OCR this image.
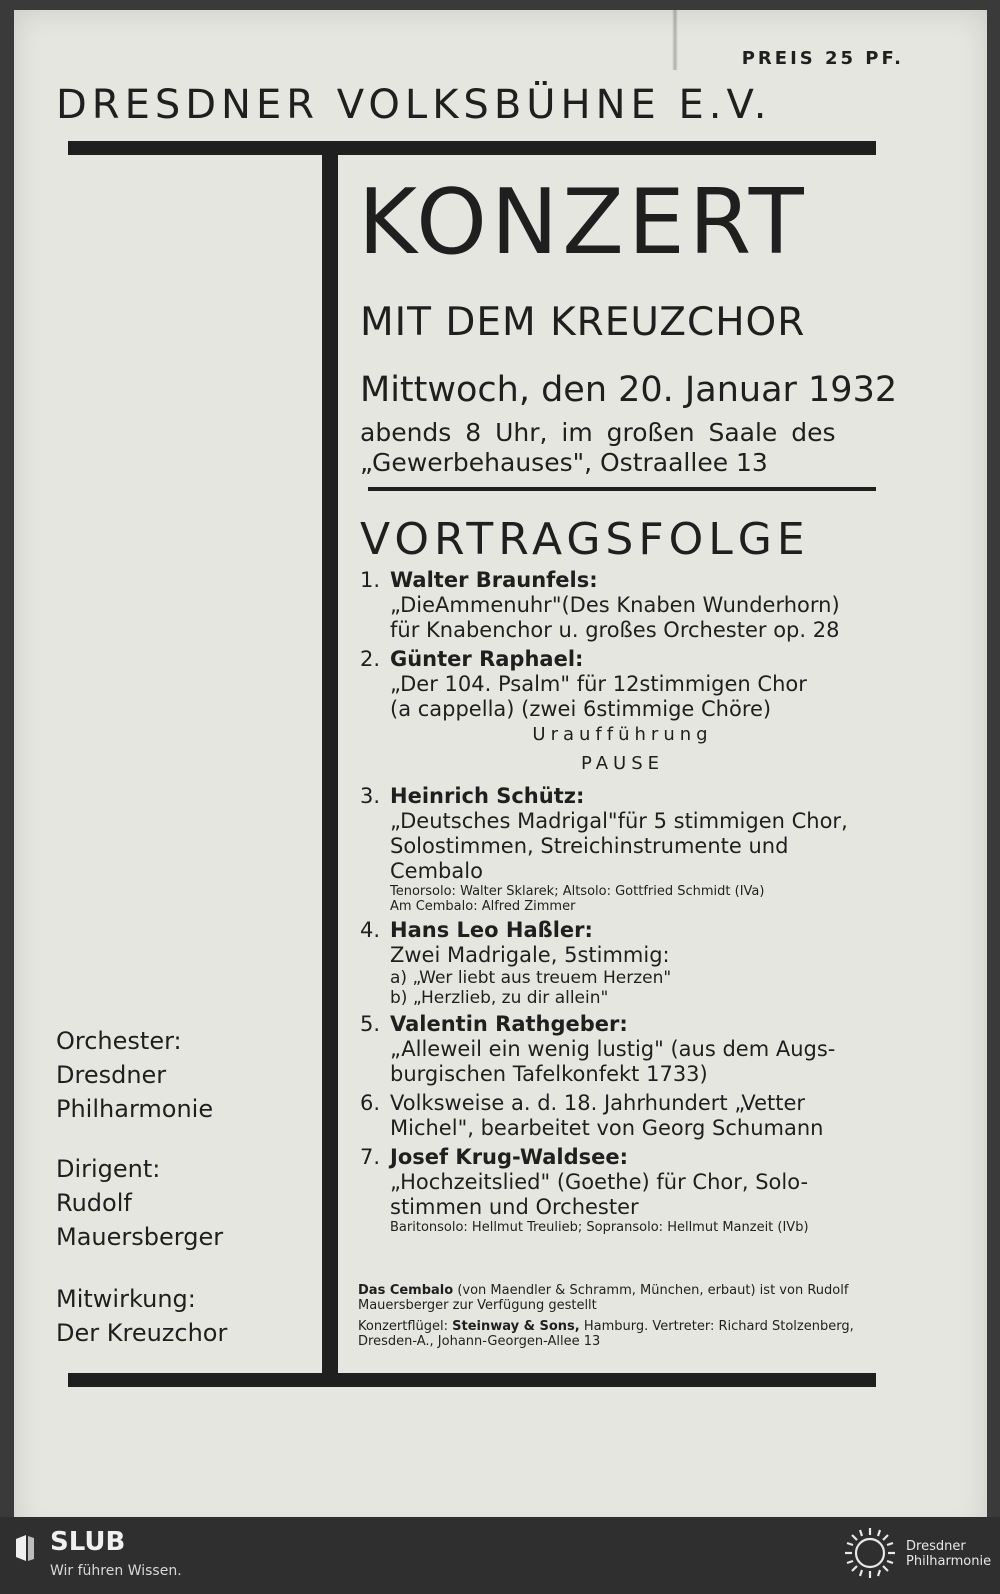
PREIS 25 PF.
DRESDNER VOLKSBÜHNE E.V.
KONZERT
MIT DEM KREUZCHOR
Mittwoch, den 20. Januar 1932
abends 8 Uhr, im großen Saale des
„Gewerbehauses", Ostraallee 13
VORTRAGSFOLGE
1. Walter Braunfels:
„DieAmmenuhr"(Des Knaben Wunderhorn)
für Knabenchor u. großes Orchester op. 28
2. Günter Raphael:
„Der 104. Psalm" für 12stimmigen Chor
(a cappella) (zwei 6stimmige Chöre)
Uraufführung
PAUSE
3. Heinrich Schütz:
„Deutsches Madrigal"für 5 stimmigen Chor,
Solostimmen, Streichinstrumente und
Cembalo
Tenorsolo: Walter Sklarek; Altsolo: Gottfried Schmidt (IVa)
Am Cembalo: Alfred Zimmer
4. Hans Leo Haßler:
Zwei Madrigale, 5stimmig:
a) „Wer liebt aus treuem Herzen"
b) „Herzlieb, zu dir allein"
5. Valentin Rathgeber:
„Alleweil ein wenig lustig" (aus dem Augs-
burgischen Tafelkonfekt 1733)
6. Volksweise a. d. 18. Jahrhundert „Vetter
Michel", bearbeitet von Georg Schumann
7. Josef Krug-Waldsee:
„Hochzeitslied" (Goethe) für Chor, Solo-
stimmen und Orchester
Baritonsolo: Hellmut Treulieb; Sopransolo: Hellmut Manzeit (IVb)
Das Cembalo (von Maendler & Schramm, München, erbaut) ist von Rudolf Mauersberger zur Verfügung gestellt
Konzertflügel: Steinway & Sons, Hamburg. Vertreter: Richard Stolzenberg, Dresden-A., Johann-Georgen-Allee 13
Orchester:
Dresdner
Philharmonie
Dirigent:
Rudolf
Mauersberger
Mitwirkung:
Der Kreuzchor
SLUB
Wir führen Wissen.
Dresdner
Philharmonie
